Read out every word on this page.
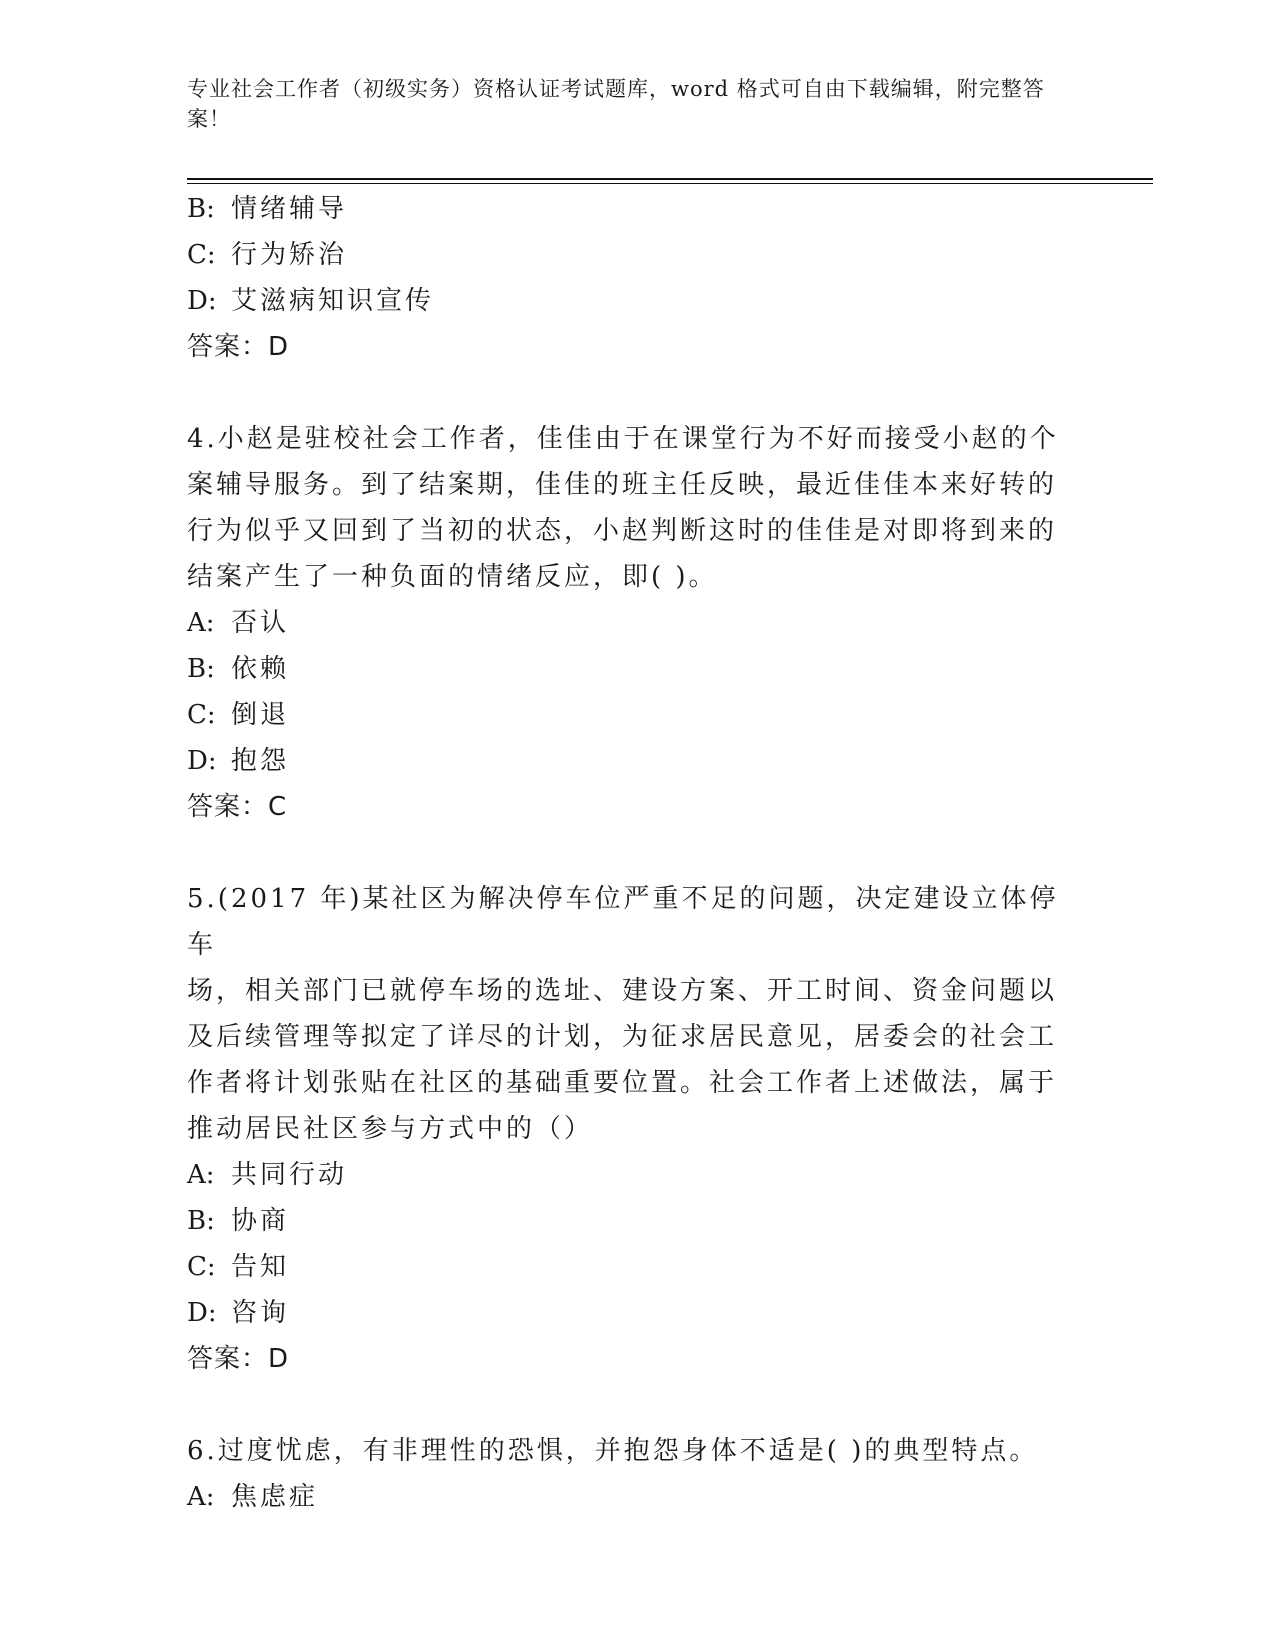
专业社会工作者（初级实务）资格认证考试题库，word 格式可自由下载编辑，附完整答案！
B: 情绪辅导
C: 行为矫治
D: 艾滋病知识宣传
答案：D
4.小赵是驻校社会工作者，佳佳由于在课堂行为不好而接受小赵的个
案辅导服务。到了结案期，佳佳的班主任反映，最近佳佳本来好转的
行为似乎又回到了当初的状态，小赵判断这时的佳佳是对即将到来的
结案产生了一种负面的情绪反应，即( )。
A: 否认
B: 依赖
C: 倒退
D: 抱怨
答案：C
5.(2017 年)某社区为解决停车位严重不足的问题，决定建设立体停车
场，相关部门已就停车场的选址、建设方案、开工时间、资金问题以
及后续管理等拟定了详尽的计划，为征求居民意见，居委会的社会工
作者将计划张贴在社区的基础重要位置。社会工作者上述做法，属于
推动居民社区参与方式中的（）
A: 共同行动
B: 协商
C: 告知
D: 咨询
答案：D
6.过度忧虑，有非理性的恐惧，并抱怨身体不适是( )的典型特点。
A: 焦虑症
